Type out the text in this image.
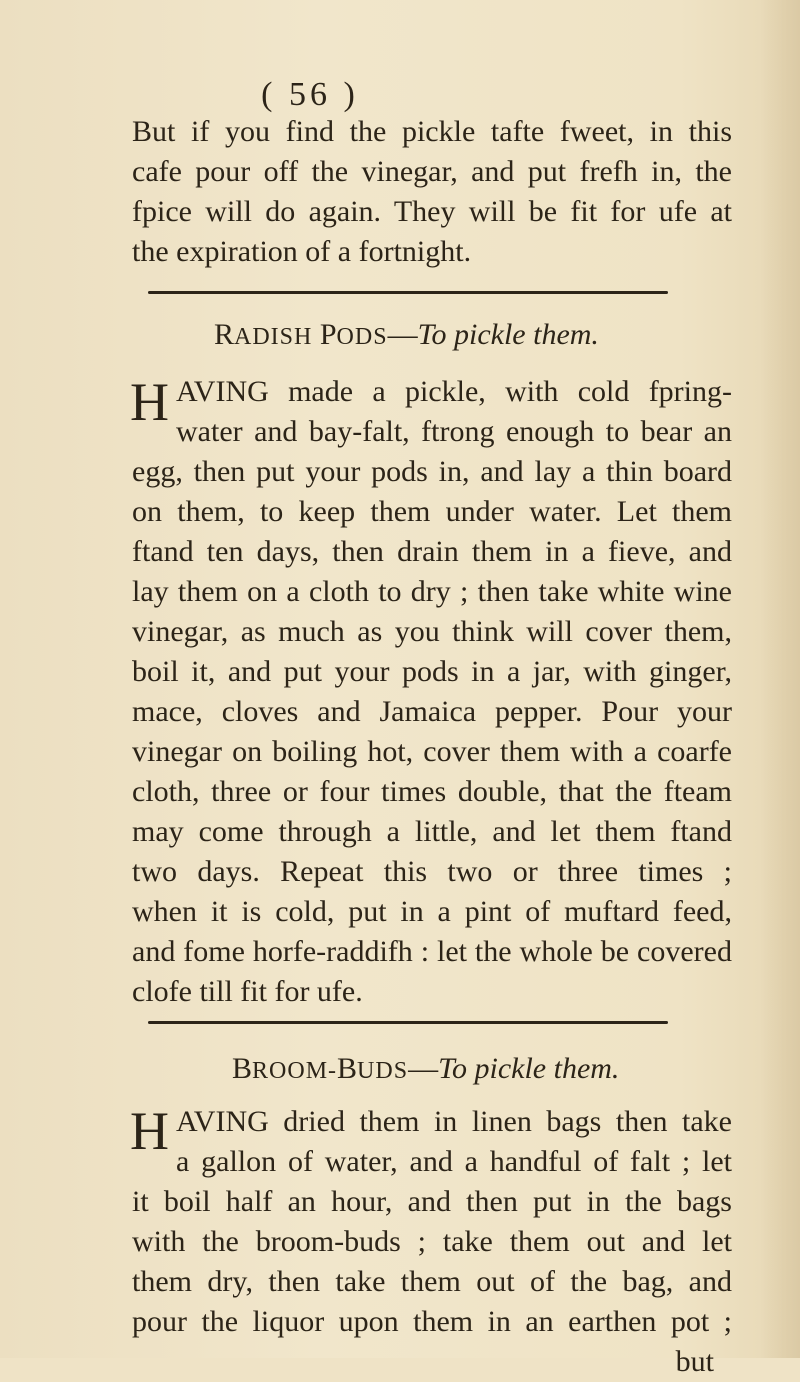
( 56 )
But if you find the pickle tafte fweet, in this
cafe pour off the vinegar, and put frefh in, the
fpice will do again. They will be fit for ufe at
the expiration of a fortnight.
RADISH PODS—To pickle them.
H AVING made a pickle, with cold fpring-
water and bay-falt, ftrong enough to bear an
egg, then put your pods in, and lay a thin board
on them, to keep them under water. Let them
ftand ten days, then drain them in a fieve, and
lay them on a cloth to dry ; then take white wine
vinegar, as much as you think will cover them,
boil it, and put your pods in a jar, with ginger,
mace, cloves and Jamaica pepper. Pour your
vinegar on boiling hot, cover them with a coarfe
cloth, three or four times double, that the fteam
may come through a little, and let them ftand
two days. Repeat this two or three times ;
when it is cold, put in a pint of muftard feed,
and fome horfe-raddifh : let the whole be covered
clofe till fit for ufe.
BROOM-BUDS—To pickle them.
H AVING dried them in linen bags then take
a gallon of water, and a handful of falt ; let
it boil half an hour, and then put in the bags
with the broom-buds ; take them out and let
them dry, then take them out of the bag, and
pour the liquor upon them in an earthen pot ;
but
